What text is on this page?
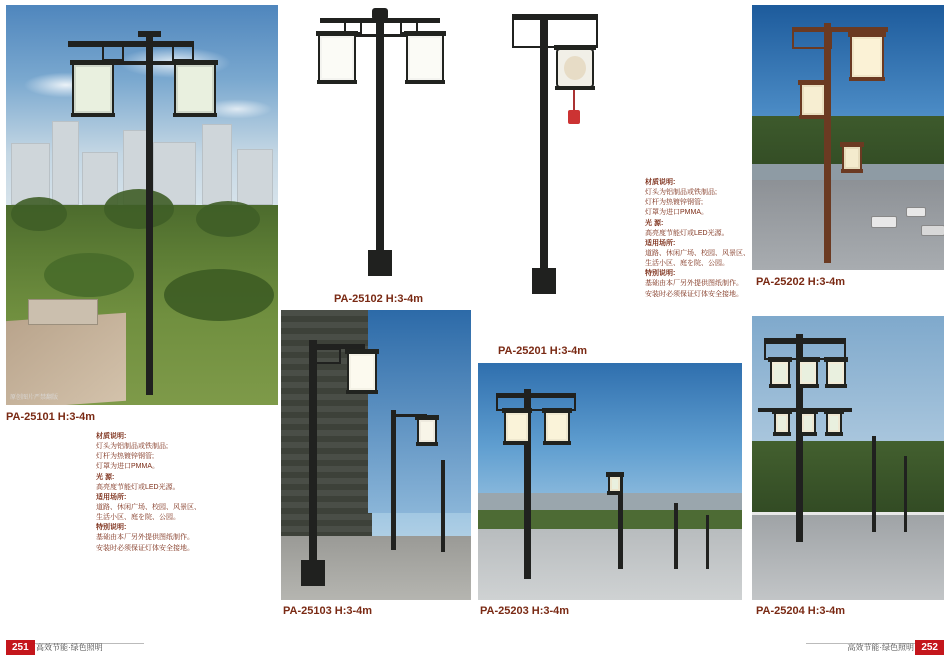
原创图片严禁翻版
PA-25101 H:3-4m
材质说明:
灯头为铝制品或铁制品;
灯杆为热镀锌钢管;
灯罩为进口PMMA。
光 源:
高亮度节能灯或LED光源。
适用场所:
道路、休闲广场、校园、风景区、
生活小区、庭を院、公园。
特别说明:
基础由本厂另外提供图纸制作。
安装时必须保证灯体安全接地。
PA-25102 H:3-4m
PA-25201 H:3-4m
材质说明:
灯头为铝制品或铁制品;
灯杆为热镀锌钢管;
灯罩为进口PMMA。
光 源:
高亮度节能灯或LED光源。
适用场所:
道路、休闲广场、校园、风景区、
生活小区、庭を院、公园。
特别说明:
基础由本厂另外提供图纸制作。
安装时必须保证灯体安全接地。
PA-25202 H:3-4m
PA-25103 H:3-4m	PA-25203 H:3-4m	PA-25204 H:3-4m
251 高效节能·绿色照明	252
高效节能·绿色照明
